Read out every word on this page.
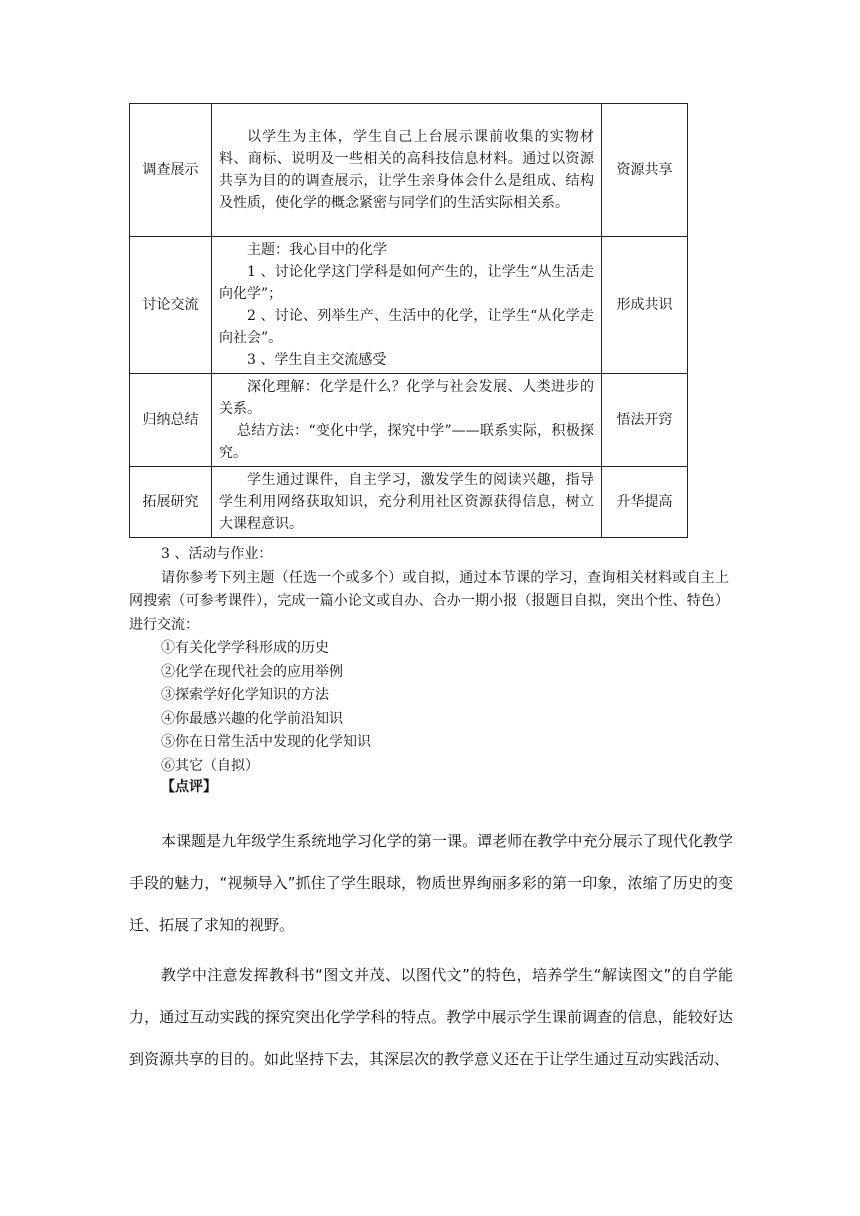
调查展示	以学生为主体，学生自己上台展示课前收集的实物材料、商标、说明及一些相关的高科技信息材料。通过以资源共享为目的的调查展示，让学生亲身体会什么是组成、结构及性质，使化学的概念紧密与同学们的生活实际相关系。	资源共享
讨论交流	主题：我心目中的化学

1 、讨论化学这门学科是如何产生的，让学生“从生活走向化学”；

2 、讨论、列举生产、生活中的化学，让学生“从化学走向社会”。

3 、学生自主交流感受	形成共识
归纳总结	深化理解：化学是什么？化学与社会发展、人类进步的关系。

总结方法：“变化中学，探究中学”——联系实际，积极探究。	悟法开窍
拓展研究	学生通过课件，自主学习，激发学生的阅读兴趣，指导学生利用网络获取知识，充分利用社区资源获得信息，树立大课程意识。	升华提高

3 、活动与作业：

请你参考下列主题（任选一个或多个）或自拟，通过本节课的学习，查询相关材料或自主上网搜索（可参考课件），完成一篇小论文或自办、合办一期小报（报题目自拟，突出个性、特色）进行交流：

①有关化学学科形成的历史
②化学在现代社会的应用举例
③探索学好化学知识的方法
④你最感兴趣的化学前沿知识
⑤你在日常生活中发现的化学知识
⑥其它（自拟）

【点评】

本课题是九年级学生系统地学习化学的第一课。谭老师在教学中充分展示了现代化教学手段的魅力，“视频导入”抓住了学生眼球，物质世界绚丽多彩的第一印象，浓缩了历史的变迁、拓展了求知的视野。

教学中注意发挥教科书“图文并茂、以图代文”的特色，培养学生“解读图文”的自学能力，通过互动实践的探究突出化学学科的特点。教学中展示学生课前调查的信息，能较好达到资源共享的目的。如此坚持下去，其深层次的教学意义还在于让学生通过互动实践活动、
